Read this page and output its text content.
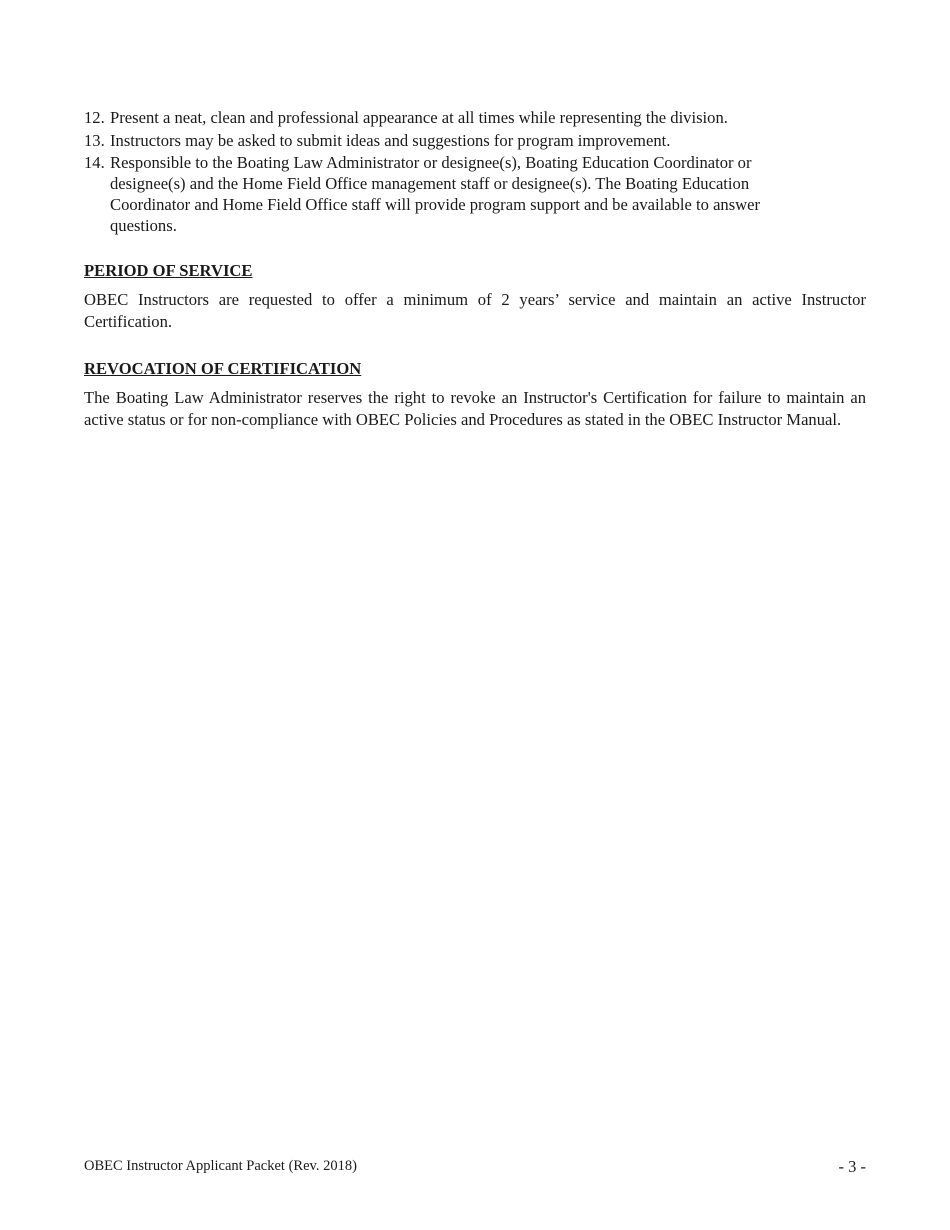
12. Present a neat, clean and professional appearance at all times while representing the division.
13. Instructors may be asked to submit ideas and suggestions for program improvement.
14. Responsible to the Boating Law Administrator or designee(s), Boating Education Coordinator or designee(s) and the Home Field Office management staff or designee(s). The Boating Education Coordinator and Home Field Office staff will provide program support and be available to answer questions.
PERIOD OF SERVICE

OBEC Instructors are requested to offer a minimum of 2 years’ service and maintain an active Instructor Certification.

REVOCATION OF CERTIFICATION

The Boating Law Administrator reserves the right to revoke an Instructor's Certification for failure to maintain an active status or for non-compliance with OBEC Policies and Procedures as stated in the OBEC Instructor Manual.

OBEC Instructor Applicant Packet (Rev. 2018)	- 3 -
